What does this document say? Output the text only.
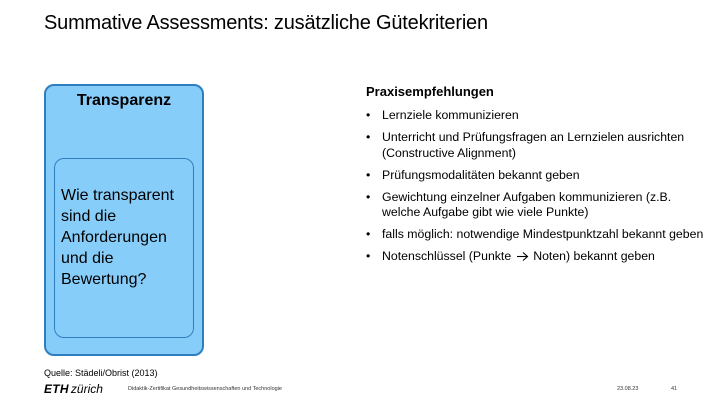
Summative Assessments: zusätzliche Gütekriterien
Transparenz
Wie transparent sind die Anforderungen und die Bewertung?
Praxisempfehlungen
• Lernziele kommunizieren
• Unterricht und Prüfungsfragen an Lernzielen ausrichten (Constructive Alignment)
• Prüfungsmodalitäten bekannt geben
• Gewichtung einzelner Aufgaben kommunizieren (z.B. welche Aufgabe gibt wie viele Punkte)
• falls möglich: notwendige Mindestpunktzahl bekannt geben
• Notenschlüssel (Punkte Noten) bekannt geben
Quelle: Städeli/Obrist (2013)
ETH zürich	Didaktik-Zertifikat Gesundheitswissenschaften und Technologie	23.08.23	41
